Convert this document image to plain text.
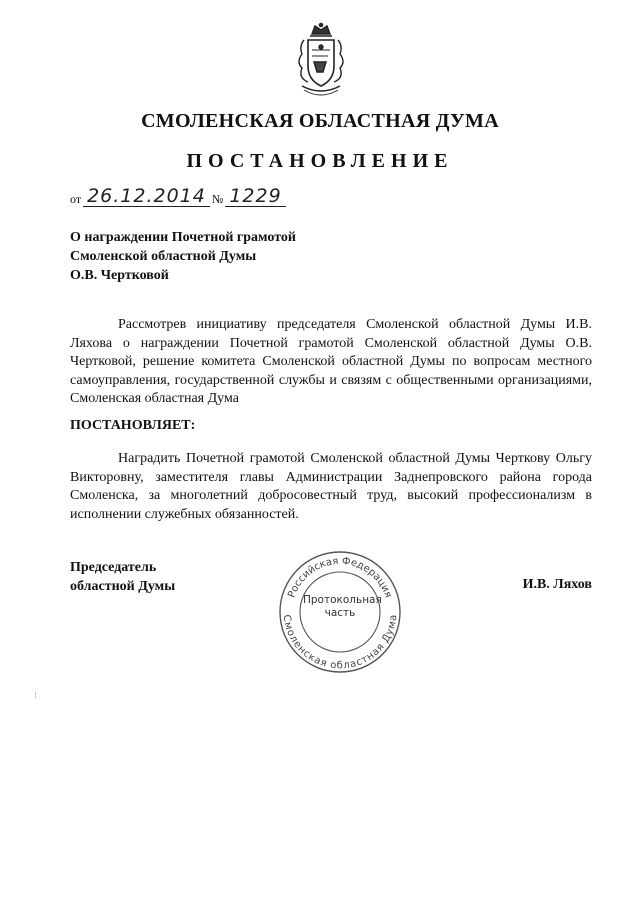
СМОЛЕНСКАЯ ОБЛАСТНАЯ ДУМА
ПОСТАНОВЛЕНИЕ
от 26.12.2014 № 1229
О награждении Почетной грамотой
Смоленской областной Думы
О.В. Чертковой
Рассмотрев инициативу председателя Смоленской областной Думы И.В. Ляхова о награждении Почетной грамотой Смоленской областной Думы О.В. Чертковой, решение комитета Смоленской областной Думы по вопросам местного самоуправления, государственной службы и связям с общественными организациями, Смоленская областная Дума
ПОСТАНОВЛЯЕТ:
Наградить Почетной грамотой Смоленской областной Думы Черткову Ольгу Викторовну, заместителя главы Администрации Заднепровского района города Смоленска, за многолетний добросовестный труд, высокий профессионализм в исполнении служебных обязанностей.
Председатель
областной Думы	И.В. Ляхов
Российская Федерация
Смоленская областная Дума
Протокольная
часть
⁝
